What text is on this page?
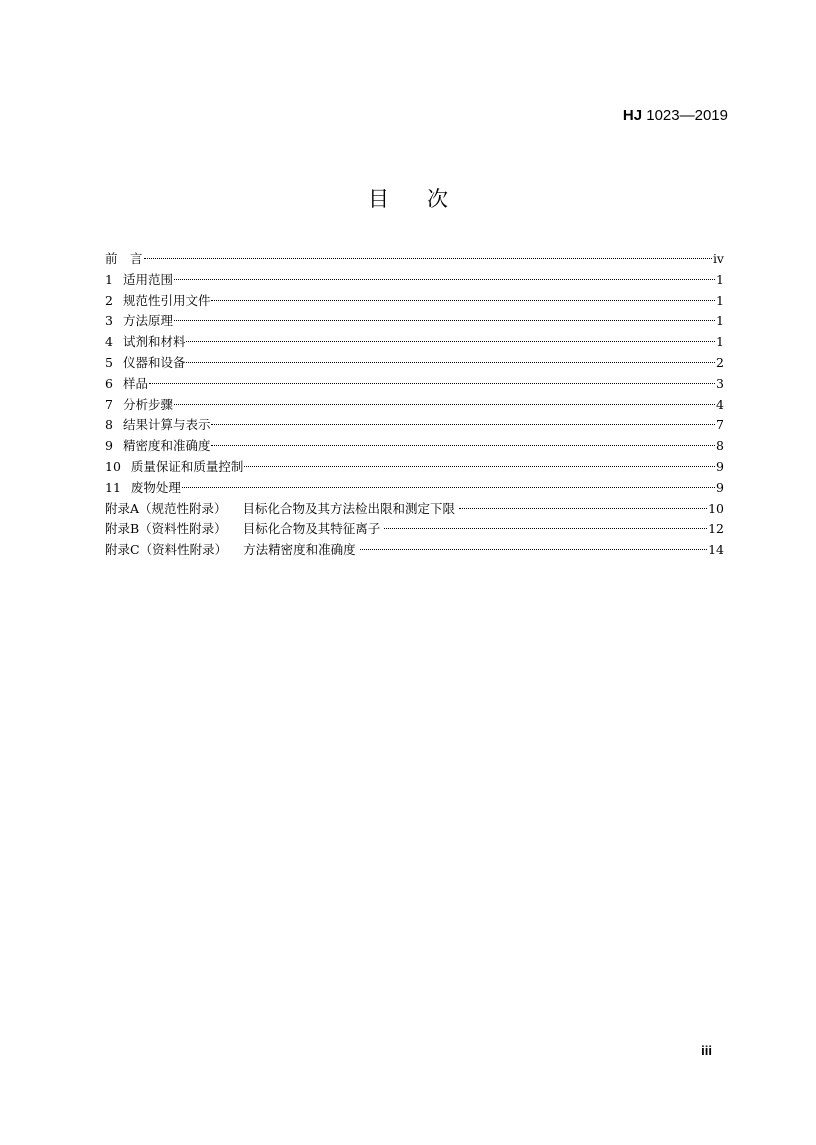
HJ 1023—2019
目次
前　言	iv
1 适用范围	1
2 规范性引用文件	1
3 方法原理	1
4 试剂和材料	1
5 仪器和设备	2
6 样品	3
7 分析步骤	4
8 结果计算与表示	7
9 精密度和准确度	8
10 质量保证和质量控制	9
11 废物处理	9
附录A（规范性附录） 目标化合物及其方法检出限和测定下限	10
附录B（资料性附录） 目标化合物及其特征离子	12
附录C（资料性附录） 方法精密度和准确度	14
iii
